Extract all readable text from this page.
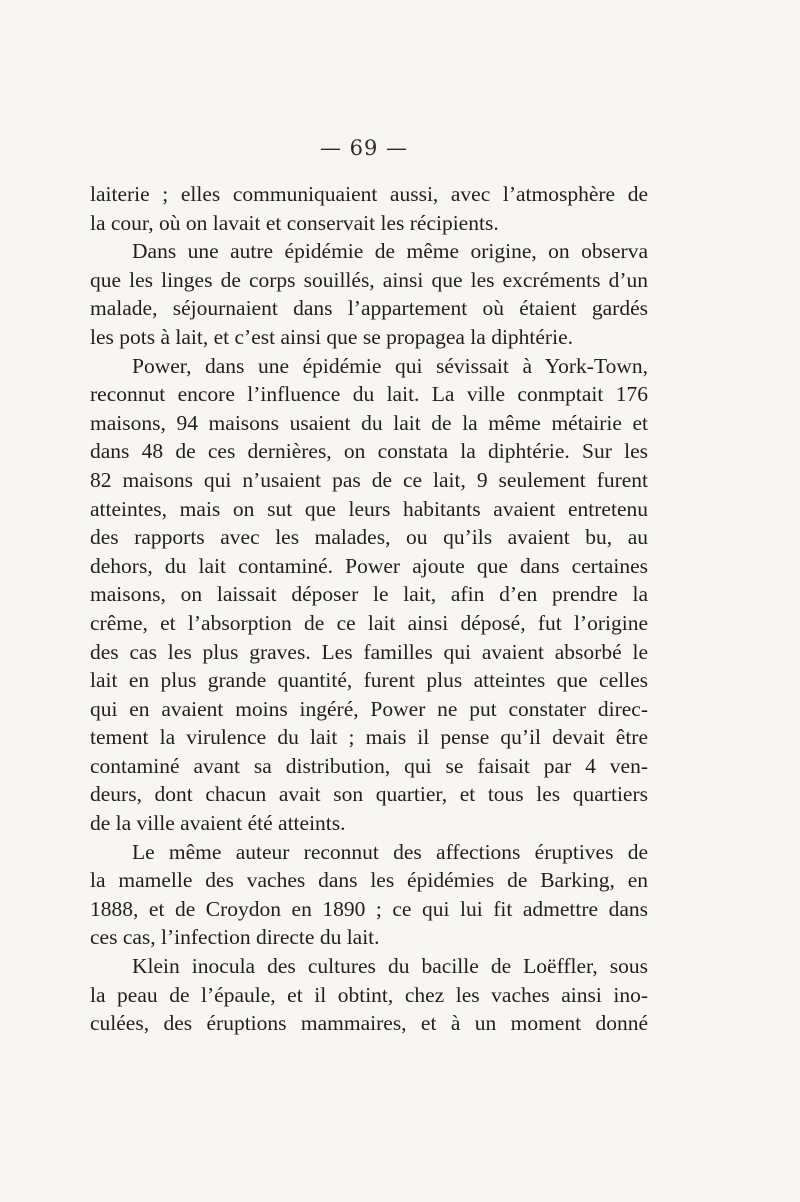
— 69 —
laiterie ; elles communiquaient aussi, avec l’atmosphère de
la cour, où on lavait et conservait les récipients.
Dans une autre épidémie de même origine, on observa
que les linges de corps souillés, ainsi que les excréments d’un
malade, séjournaient dans l’appartement où étaient gardés
les pots à lait, et c’est ainsi que se propagea la diphtérie.
Power, dans une épidémie qui sévissait à York-Town,
reconnut encore l’influence du lait. La ville conmptait 176
maisons, 94 maisons usaient du lait de la même métairie et
dans 48 de ces dernières, on constata la diphtérie. Sur les
82 maisons qui n’usaient pas de ce lait, 9 seulement furent
atteintes, mais on sut que leurs habitants avaient entretenu
des rapports avec les malades, ou qu’ils avaient bu, au
dehors, du lait contaminé. Power ajoute que dans certaines
maisons, on laissait déposer le lait, afin d’en prendre la
crême, et l’absorption de ce lait ainsi déposé, fut l’origine
des cas les plus graves. Les familles qui avaient absorbé le
lait en plus grande quantité, furent plus atteintes que celles
qui en avaient moins ingéré, Power ne put constater direc-
tement la virulence du lait ; mais il pense qu’il devait être
contaminé avant sa distribution, qui se faisait par 4 ven-
deurs, dont chacun avait son quartier, et tous les quartiers
de la ville avaient été atteints.
Le même auteur reconnut des affections éruptives de
la mamelle des vaches dans les épidémies de Barking, en
1888, et de Croydon en 1890 ; ce qui lui fit admettre dans
ces cas, l’infection directe du lait.
Klein inocula des cultures du bacille de Loëffler, sous
la peau de l’épaule, et il obtint, chez les vaches ainsi ino-
culées, des éruptions mammaires, et à un moment donné
